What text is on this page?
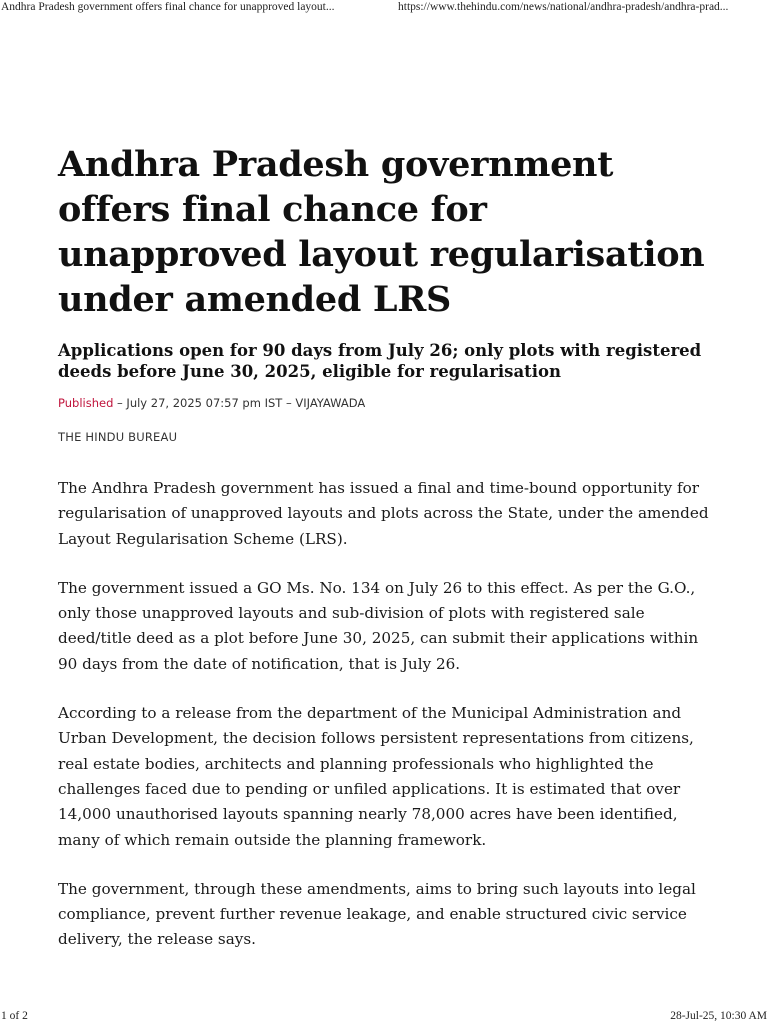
Andhra Pradesh government offers final chance for unapproved layout...	https://www.thehindu.com/news/national/andhra-pradesh/andhra-prad...
Andhra Pradesh government offers final chance for unapproved layout regularisation under amended LRS
Applications open for 90 days from July 26; only plots with registered deeds before June 30, 2025, eligible for regularisation
Published – July 27, 2025 07:57 pm IST – VIJAYAWADA
THE HINDU BUREAU

The Andhra Pradesh government has issued a final and time-bound opportunity for regularisation of unapproved layouts and plots across the State, under the amended Layout Regularisation Scheme (LRS).

The government issued a GO Ms. No. 134 on July 26 to this effect. As per the G.O., only those unapproved layouts and sub-division of plots with registered sale deed/title deed as a plot before June 30, 2025, can submit their applications within 90 days from the date of notification, that is July 26.

According to a release from the department of the Municipal Administration and Urban Development, the decision follows persistent representations from citizens, real estate bodies, architects and planning professionals who highlighted the challenges faced due to pending or unfiled applications. It is estimated that over 14,000 unauthorised layouts spanning nearly 78,000 acres have been identified, many of which remain outside the planning framework.

The government, through these amendments, aims to bring such layouts into legal compliance, prevent further revenue leakage, and enable structured civic service delivery, the release says.

1 of 2	28-Jul-25, 10:30 AM
